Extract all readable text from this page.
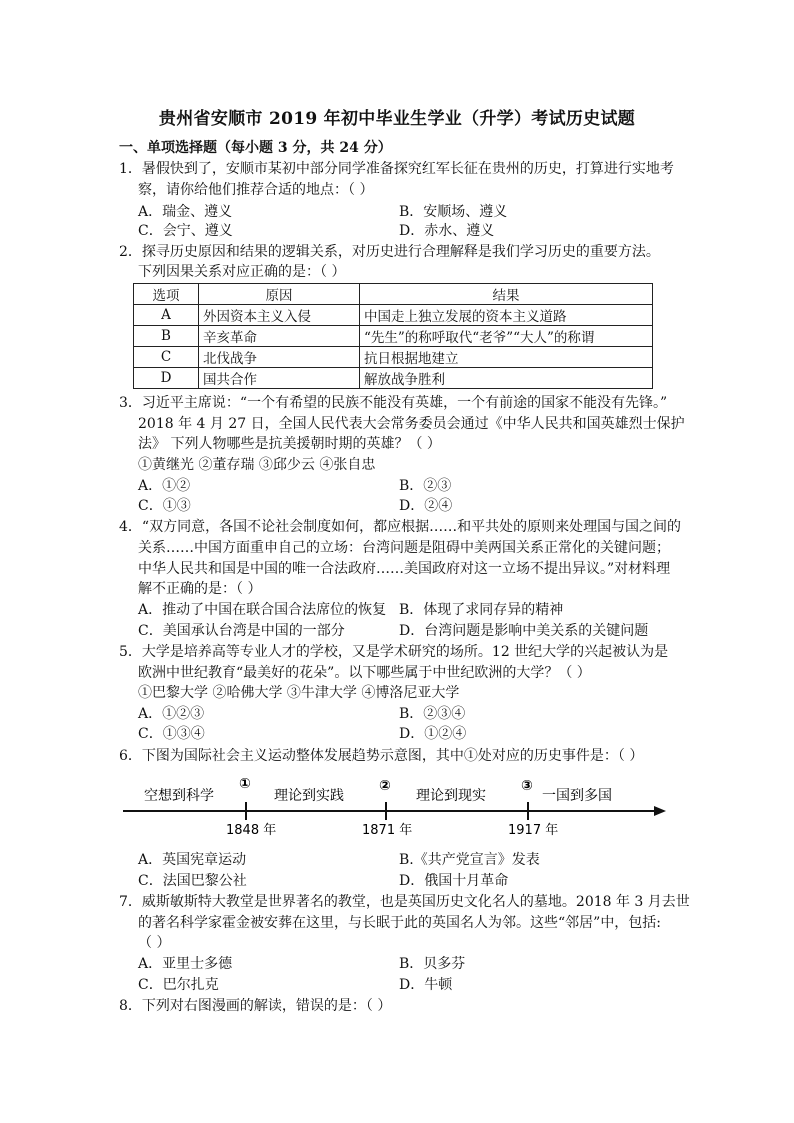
贵州省安顺市 2019 年初中毕业生学业（升学）考试历史试题
一、单项选择题（每小题 3 分，共 24 分）
1．暑假快到了，安顺市某初中部分同学准备探究红军长征在贵州的历史，打算进行实地考
察，请你给他们推荐合适的地点：（ ）
A．瑞金、遵义	B．安顺场、遵义
C．会宁、遵义	D．赤水、遵义
2．探寻历史原因和结果的逻辑关系，对历史进行合理解释是我们学习历史的重要方法。
下列因果关系对应正确的是：（ ）
选项	原因	结果
A	外因资本主义入侵	中国走上独立发展的资本主义道路
B	辛亥革命	“先生”的称呼取代“老爷”“大人”的称谓
C	北伐战争	抗日根据地建立
D	国共合作	解放战争胜利
3．习近平主席说：“一个有希望的民族不能没有英雄，一个有前途的国家不能没有先锋。”
2018 年 4 月 27 日，全国人民代表大会常务委员会通过《中华人民共和国英雄烈士保护
法》 下列人物哪些是抗美援朝时期的英雄？（ ）
①黄继光 ②董存瑞 ③邱少云 ④张自忠
A．①②	B．②③
C．①③	D．②④
4．“双方同意，各国不论社会制度如何，都应根据……和平共处的原则来处理国与国之间的
关系……中国方面重申自己的立场：台湾问题是阻碍中美两国关系正常化的关键问题；
中华人民共和国是中国的唯一合法政府……美国政府对这一立场不提出异议。”对材料理
解不正确的是：（ ）
A．推动了中国在联合国合法席位的恢复 B．体现了求同存异的精神
C．美国承认台湾是中国的一部分	D．台湾问题是影响中美关系的关键问题
5．大学是培养高等专业人才的学校，又是学术研究的场所。12 世纪大学的兴起被认为是
欧洲中世纪教育“最美好的花朵”。以下哪些属于中世纪欧洲的大学？（ ）
①巴黎大学 ②哈佛大学 ③牛津大学 ④博洛尼亚大学
A．①②③	B．②③④
C．①③④	D．①②④
6．下图为国际社会主义运动整体发展趋势示意图，其中①处对应的历史事件是：（ ）
空想到科学	理论到实践	理论到现实	一国到多国
①	②	③
1848 年	1871 年	1917 年
A．英国宪章运动	B.《共产党宣言》发表
C．法国巴黎公社	D．俄国十月革命
7．威斯敏斯特大教堂是世界著名的教堂，也是英国历史文化名人的墓地。2018 年 3 月去世
的著名科学家霍金被安葬在这里，与长眠于此的英国名人为邻。这些“邻居”中，包括:
（ ）
A．亚里士多德	B．贝多芬
C．巴尔扎克	D．牛顿
8．下列对右图漫画的解读，错误的是：（ ）
